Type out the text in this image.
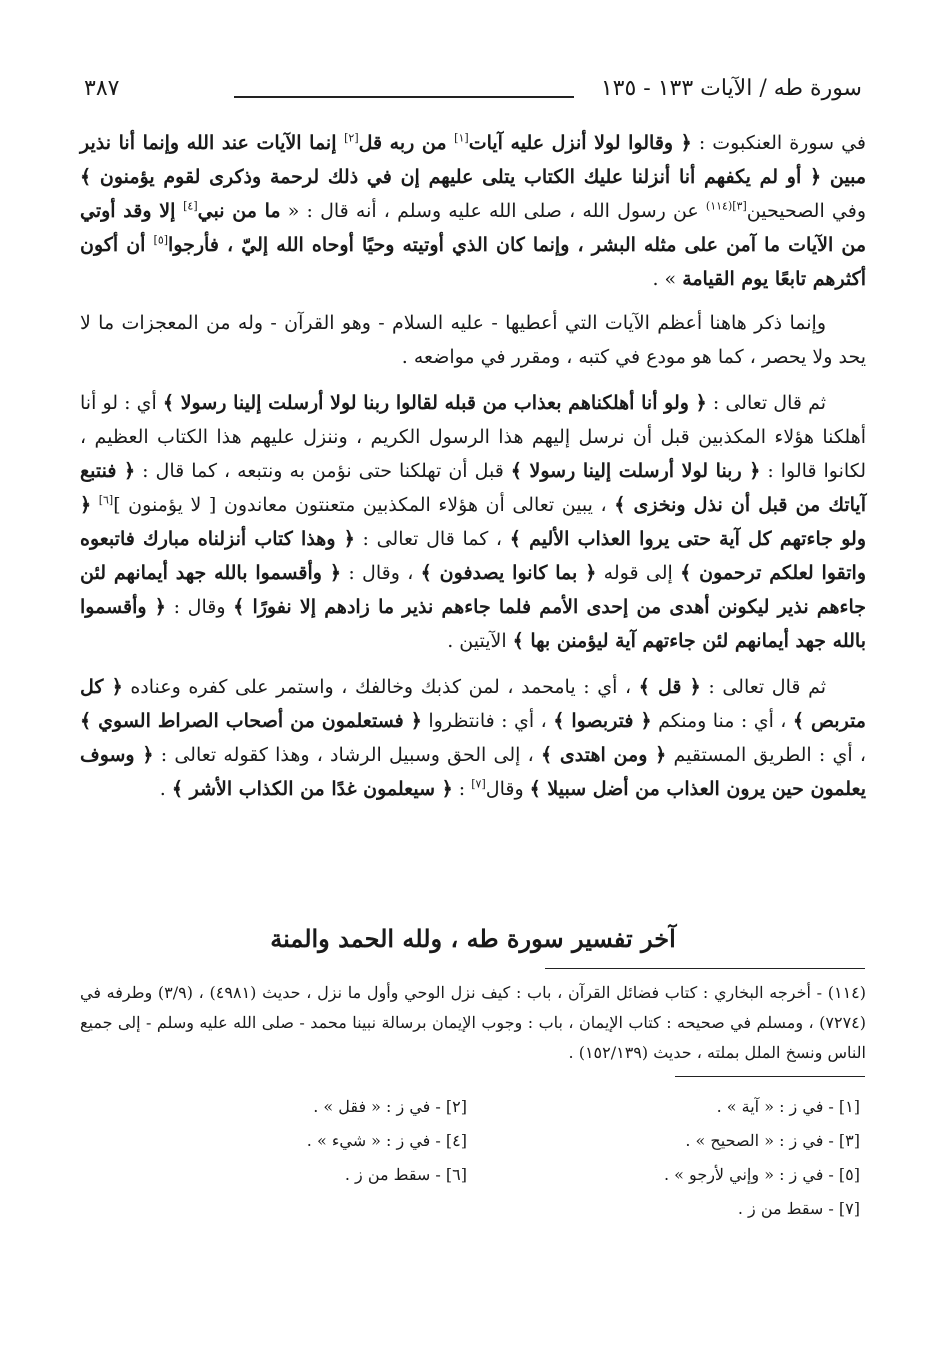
سورة طه / الآيات ١٣٣ - ١٣٥
٣٨٧

في سورة العنكبوت : ﴿ وقالوا لولا أنزل عليه آيات[١] من ربه قل[٢] إنما الآيات عند الله وإنما أنا نذير مبين ﴿ أو لم يكفهم أنا أنزلنا عليك الكتاب يتلى عليهم إن في ذلك لرحمة وذكرى لقوم يؤمنون ﴾ وفي الصحيحين$^{[٣](١١٤)}$ عن رسول الله ، صلى الله عليه وسلم ، أنه قال : « ما من نبي[٤] إلا وقد أوتي من الآيات ما آمن على مثله البشر ، وإنما كان الذي أوتيته وحيًا أوحاه الله إليّ ، فأرجوا[٥] أن أكون أكثرهم تابعًا يوم القيامة » .

وإنما ذكر هاهنا أعظم الآيات التي أعطيها - عليه السلام - وهو القرآن - وله من المعجزات ما لا يحد ولا يحصر ، كما هو مودع في كتبه ، ومقرر في مواضعه .

ثم قال تعالى : ﴿ ولو أنا أهلكناهم بعذاب من قبله لقالوا ربنا لولا أرسلت إلينا رسولا ﴾ أي : لو أنا أهلكنا هؤلاء المكذبين قبل أن نرسل إليهم هذا الرسول الكريم ، وننزل عليهم هذا الكتاب العظيم ، لكانوا قالوا : ﴿ ربنا لولا أرسلت إلينا رسولا ﴾ قبل أن تهلكنا حتى نؤمن به ونتبعه ، كما قال : ﴿ فنتبع آياتك من قبل أن نذل ونخزى ﴾ ، يبين تعالى أن هؤلاء المكذبين متعنتون معاندون [ لا يؤمنون ][٦] ﴿ ولو جاءتهم كل آية حتى يروا العذاب الأليم ﴾ ، كما قال تعالى : ﴿ وهذا كتاب أنزلناه مبارك فاتبعوه واتقوا لعلكم ترحمون ﴾ إلى قوله ﴿ بما كانوا يصدفون ﴾ ، وقال : ﴿ وأقسموا بالله جهد أيمانهم لئن جاءهم نذير ليكونن أهدى من إحدى الأمم فلما جاءهم نذير ما زادهم إلا نفورًا ﴾ وقال : ﴿ وأقسموا بالله جهد أيمانهم لئن جاءتهم آية ليؤمنن بها ﴾ الآيتين .

ثم قال تعالى : ﴿ قل ﴾ ، أي : يامحمد ، لمن كذبك وخالفك ، واستمر على كفره وعناده ﴿ كل متربص ﴾ ، أي : منا ومنكم ﴿ فتربصوا ﴾ ، أي : فانتظروا ﴿ فستعلمون من أصحاب الصراط السوي ﴾ ، أي : الطريق المستقيم ﴿ ومن اهتدى ﴾ ، إلى الحق وسبيل الرشاد ، وهذا كقوله تعالى : ﴿ وسوف يعلمون حين يرون العذاب من أضل سبيلا ﴾ وقال[٧] : ﴿ سيعلمون غدًا من الكذاب الأشر ﴾ .

آخر تفسير سورة طه ، ولله الحمد والمنة
(١١٤) - أخرجه البخاري : كتاب فضائل القرآن ، باب : كيف نزل الوحي وأول ما نزل ، حديث (٤٩٨١) ، (٣/٩) وطرفه في (٧٢٧٤) ، ومسلم في صحيحه : كتاب الإيمان ، باب : وجوب الإيمان برسالة نبينا محمد - صلى الله عليه وسلم - إلى جميع الناس ونسخ الملل بملته ، حديث (١٥٢/١٣٩) .
[١] - في ز : « آية » .
[٢] - في ز : « فقل » .
[٣] - في ز : « الصحيح » .
[٤] - في ز : « شيء » .
[٥] - في ز : « وإني لأرجو » .
[٦] - سقط من ز .
[٧] - سقط من ز .
